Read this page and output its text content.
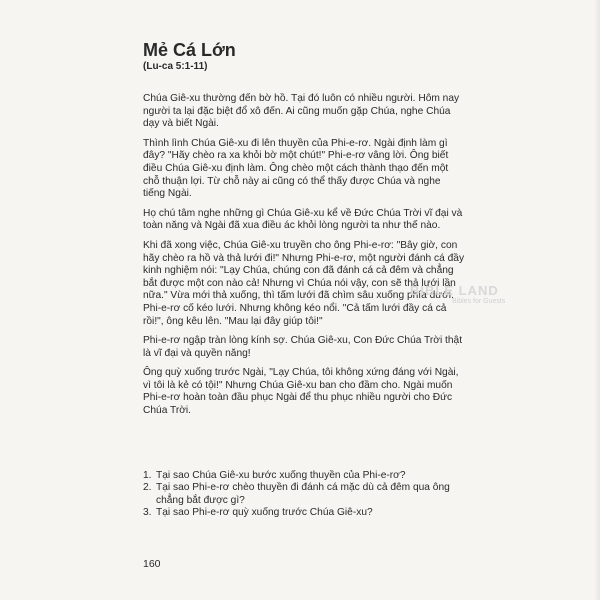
Mẻ Cá Lớn
(Lu-ca 5:1-11)

Chúa Giê-xu thường đến bờ hồ. Tại đó luôn có nhiều người. Hôm nay người ta lại đặc biệt đổ xô đến. Ai cũng muốn gặp Chúa, nghe Chúa dạy và biết Ngài.

Thình lình Chúa Giê-xu đi lên thuyền của Phi-e-rơ. Ngài định làm gì đây? "Hãy chèo ra xa khỏi bờ một chút!" Phi-e-rơ vâng lời. Ông biết điều Chúa Giê-xu định làm. Ông chèo một cách thành thạo đến một chỗ thuận lợi. Từ chỗ này ai cũng có thể thấy được Chúa và nghe tiếng Ngài.

Họ chú tâm nghe những gì Chúa Giê-xu kể về Đức Chúa Trời vĩ đại và toàn năng và Ngài đã xua điều ác khỏi lòng người ta như thế nào.

Khi đã xong việc, Chúa Giê-xu truyền cho ông Phi-e-rơ: "Bây giờ, con hãy chèo ra hồ và thả lưới đi!" Nhưng Phi-e-rơ, một người đánh cá đầy kinh nghiệm nói: "Lạy Chúa, chúng con đã đánh cá cả đêm và chẳng bắt được một con nào cả! Nhưng vì Chúa nói vậy, con sẽ thả lưới lần nữa." Vừa mới thả xuống, thì tấm lưới đã chìm sâu xuống phía dưới. Phi-e-rơ cố kéo lưới. Nhưng không kéo nổi. "Cả tấm lưới đầy cá cả rồi!", ông kêu lên. "Mau lại đây giúp tôi!"

Phi-e-rơ ngập tràn lòng kính sợ. Chúa Giê-xu, Con Đức Chúa Trời thật là vĩ đại và quyền năng!

Ông quỳ xuống trước Ngài, "Lạy Chúa, tôi không xứng đáng với Ngài, vì tôi là kẻ có tội!" Nhưng Chúa Giê-xu ban cho đầm cho. Ngài muốn Phi-e-rơ hoàn toàn đầu phục Ngài để thu phục nhiều người cho Đức Chúa Trời.

1. Tại sao Chúa Giê-xu bước xuống thuyền của Phi-e-rơ?
2. Tại sao Phi-e-rơ chèo thuyền đi đánh cá mặc dù cả đêm qua ông chẳng bắt được gì?
3. Tại sao Phi-e-rơ quỳ xuống trước Chúa Giê-xu?
160
BIBLE LAND
Bibles for Guests
